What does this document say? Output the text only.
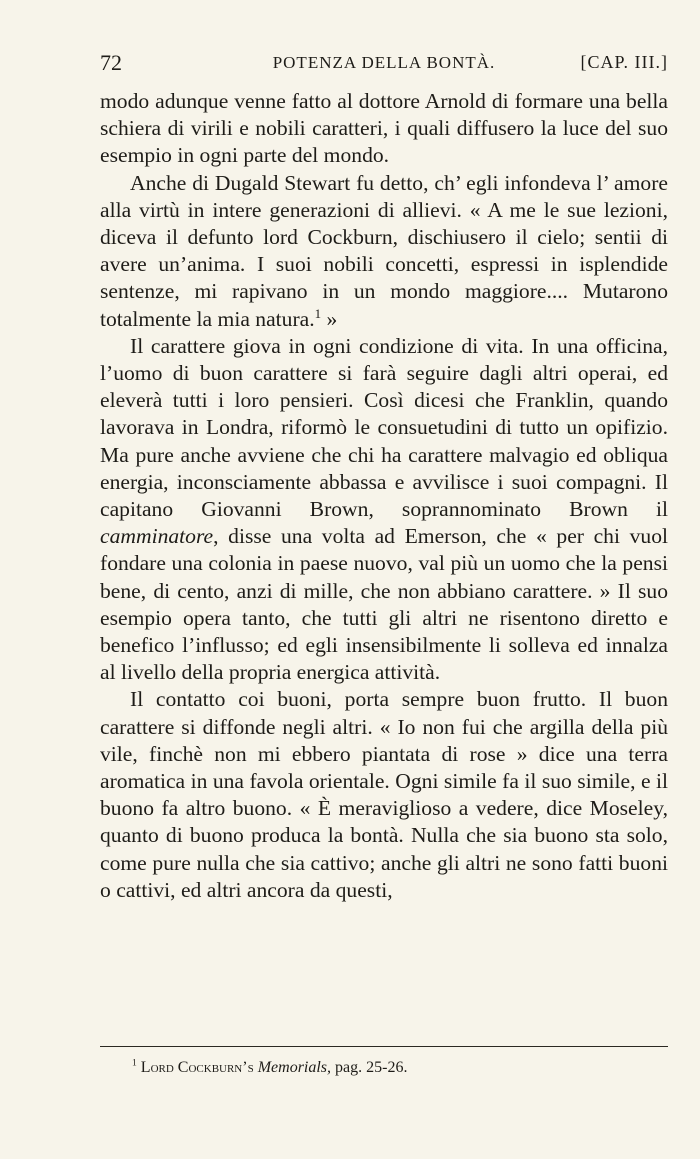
72	POTENZA DELLA BONTÀ.	[CAP. III.]

modo adunque venne fatto al dottore Arnold di formare una bella schiera di virili e nobili caratteri, i quali diffusero la luce del suo esempio in ogni parte del mondo.

Anche di Dugald Stewart fu detto, ch’ egli infondeva l’ amore alla virtù in intere generazioni di allievi. « A me le sue lezioni, diceva il defunto lord Cockburn, dischiusero il cielo; sentii di avere un’anima. I suoi nobili concetti, espressi in isplendide sentenze, mi rapivano in un mondo maggiore.... Mutarono totalmente la mia natura.$^1$ »

Il carattere giova in ogni condizione di vita. In una officina, l’uomo di buon carattere si farà seguire dagli altri operai, ed eleverà tutti i loro pensieri. Così dicesi che Franklin, quando lavorava in Londra, riformò le consuetudini di tutto un opifizio. Ma pure anche avviene che chi ha carattere malvagio ed obliqua energia, inconsciamente abbassa e avvilisce i suoi compagni. Il capitano Giovanni Brown, soprannominato Brown il camminatore, disse una volta ad Emerson, che « per chi vuol fondare una colonia in paese nuovo, val più un uomo che la pensi bene, di cento, anzi di mille, che non abbiano carattere. » Il suo esempio opera tanto, che tutti gli altri ne risentono diretto e benefico l’influsso; ed egli insensibilmente li solleva ed innalza al livello della propria energica attività.

Il contatto coi buoni, porta sempre buon frutto. Il buon carattere si diffonde negli altri. « Io non fui che argilla della più vile, finchè non mi ebbero piantata di rose » dice una terra aromatica in una favola orientale. Ogni simile fa il suo simile, e il buono fa altro buono. « È meraviglioso a vedere, dice Moseley, quanto di buono produca la bontà. Nulla che sia buono sta solo, come pure nulla che sia cattivo; anche gli altri ne sono fatti buoni o cattivi, ed altri ancora da questi,

$^1$ Lord Cockburn’s Memorials, pag. 25-26.
